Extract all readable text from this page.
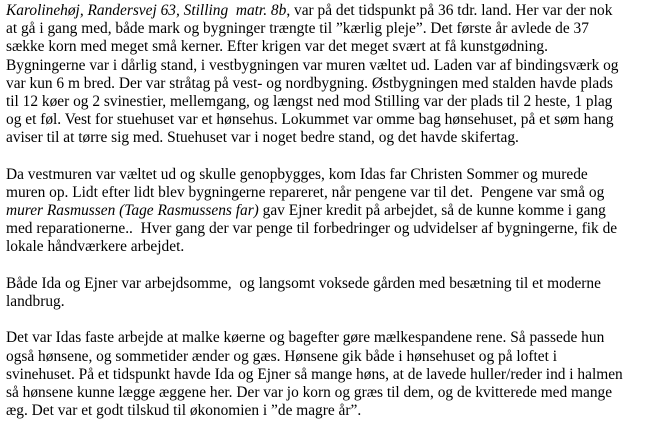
Karolinehøj, Randersvej 63, Stilling  matr. 8b, var på det tidspunkt på 36 tdr. land. Her var der nok
at gå i gang med, både mark og bygninger trængte til ”kærlig pleje”. Det første år avlede de 37
sække korn med meget små kerner. Efter krigen var det meget svært at få kunstgødning.
Bygningerne var i dårlig stand, i vestbygningen var muren væltet ud. Laden var af bindingsværk og
var kun 6 m bred. Der var stråtag på vest- og nordbygning. Østbygningen med stalden havde plads
til 12 køer og 2 svinestier, mellemgang, og længst ned mod Stilling var der plads til 2 heste, 1 plag
og et føl. Vest for stuehuset var et hønsehus. Lokummet var omme bag hønsehuset, på et søm hang
aviser til at tørre sig med. Stuehuset var i noget bedre stand, og det havde skifertag.
Da vestmuren var væltet ud og skulle genopbygges, kom Idas far Christen Sommer og murede
muren op. Lidt efter lidt blev bygningerne repareret, når pengene var til det.  Pengene var små og
murer Rasmussen (Tage Rasmussens far) gav Ejner kredit på arbejdet, så de kunne komme i gang
med reparationerne..  Hver gang der var penge til forbedringer og udvidelser af bygningerne, fik de
lokale håndværkere arbejdet.
Både Ida og Ejner var arbejdsomme,  og langsomt voksede gården med besætning til et moderne
landbrug.
Det var Idas faste arbejde at malke køerne og bagefter gøre mælkespandene rene. Så passede hun
også hønsene, og sommetider ænder og gæs. Hønsene gik både i hønsehuset og på loftet i
svinehuset. På et tidspunkt havde Ida og Ejner så mange høns, at de lavede huller/reder ind i halmen
så hønsene kunne lægge æggene her. Der var jo korn og græs til dem, og de kvitterede med mange
æg. Det var et godt tilskud til økonomien i ”de magre år”.
